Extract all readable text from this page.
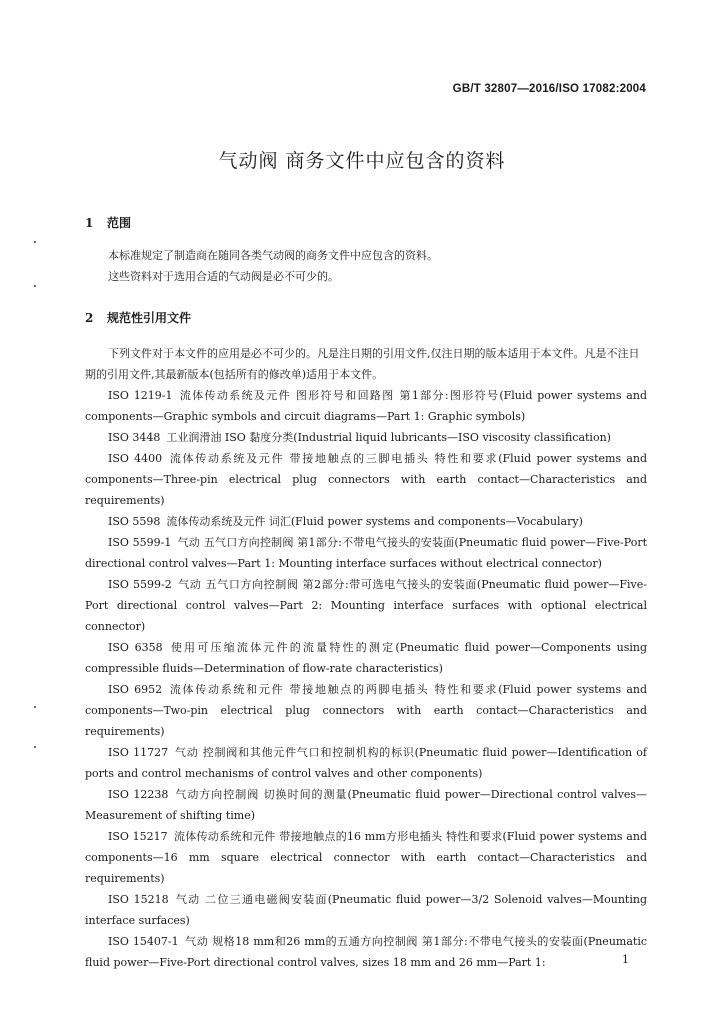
GB/T 32807—2016/ISO 17082:2004
气动阀 商务文件中应包含的资料
1 范围

本标准规定了制造商在随同各类气动阀的商务文件中应包含的资料。

这些资料对于选用合适的气动阀是必不可少的。

2 规范性引用文件

下列文件对于本文件的应用是必不可少的。凡是注日期的引用文件,仅注日期的版本适用于本文件。凡是不注日期的引用文件,其最新版本(包括所有的修改单)适用于本文件。

ISO 1219-1 流体传动系统及元件 图形符号和回路图 第1部分:图形符号(Fluid power systems and components—Graphic symbols and circuit diagrams—Part 1: Graphic symbols)

ISO 3448 工业润滑油 ISO 黏度分类(Industrial liquid lubricants—ISO viscosity classification)

ISO 4400 流体传动系统及元件 带接地触点的三脚电插头 特性和要求(Fluid power systems and components—Three-pin electrical plug connectors with earth contact—Characteristics and requirements)

ISO 5598 流体传动系统及元件 词汇(Fluid power systems and components—Vocabulary)

ISO 5599-1 气动 五气口方向控制阀 第1部分:不带电气接头的安装面(Pneumatic fluid power—Five-Port directional control valves—Part 1: Mounting interface surfaces without electrical connector)

ISO 5599-2 气动 五气口方向控制阀 第2部分:带可选电气接头的安装面(Pneumatic fluid power—Five-Port directional control valves—Part 2: Mounting interface surfaces with optional electrical connector)

ISO 6358 使用可压缩流体元件的流量特性的测定(Pneumatic fluid power—Components using compressible fluids—Determination of flow-rate characteristics)

ISO 6952 流体传动系统和元件 带接地触点的两脚电插头 特性和要求(Fluid power systems and components—Two-pin electrical plug connectors with earth contact—Characteristics and requirements)

ISO 11727 气动 控制阀和其他元件气口和控制机构的标识(Pneumatic fluid power—Identification of ports and control mechanisms of control valves and other components)

ISO 12238 气动方向控制阀 切换时间的测量(Pneumatic fluid power—Directional control valves—Measurement of shifting time)

ISO 15217 流体传动系统和元件 带接地触点的16 mm方形电插头 特性和要求(Fluid power systems and components—16 mm square electrical connector with earth contact—Characteristics and requirements)

ISO 15218 气动 二位三通电磁阀安装面(Pneumatic fluid power—3/2 Solenoid valves—Mounting interface surfaces)

ISO 15407-1 气动 规格18 mm和26 mm的五通方向控制阀 第1部分:不带电气接头的安装面(Pneumatic fluid power—Five-Port directional control valves, sizes 18 mm and 26 mm—Part 1:	1
